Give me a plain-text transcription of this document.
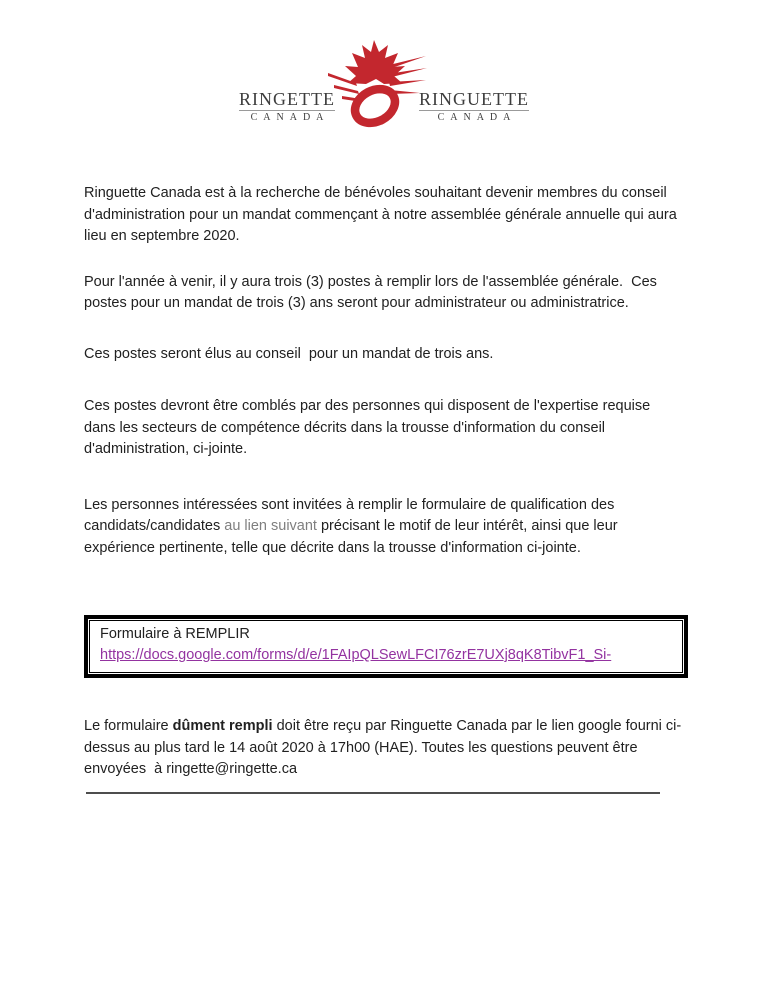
RINGETTE
CANADA
RINGUETTE
CANADA

Ringuette Canada est à la recherche de bénévoles souhaitant devenir membres du conseil d'administration pour un mandat commençant à notre assemblée générale annuelle qui aura lieu en septembre 2020.

Pour l'année à venir, il y aura trois (3) postes à remplir lors de l'assemblée générale.  Ces postes pour un mandat de trois (3) ans seront pour administrateur ou administratrice.

Ces postes seront élus au conseil  pour un mandat de trois ans.

Ces postes devront être comblés par des personnes qui disposent de l'expertise requise dans les secteurs de compétence décrits dans la trousse d'information du conseil d'administration, ci-jointe.

Les personnes intéressées sont invitées à remplir le formulaire de qualification des candidats/candidates au lien suivant précisant le motif de leur intérêt, ainsi que leur expérience pertinente, telle que décrite dans la trousse d'information ci-jointe.

Formulaire à REMPLIR
https://docs.google.com/forms/d/e/1FAIpQLSewLFCI76zrE7UXj8qK8TibvF1_Si-

Le formulaire dûment rempli doit être reçu par Ringuette Canada par le lien google fourni ci-dessus au plus tard le 14 août 2020 à 17h00 (HAE). Toutes les questions peuvent être envoyées  à ringette@ringette.ca
